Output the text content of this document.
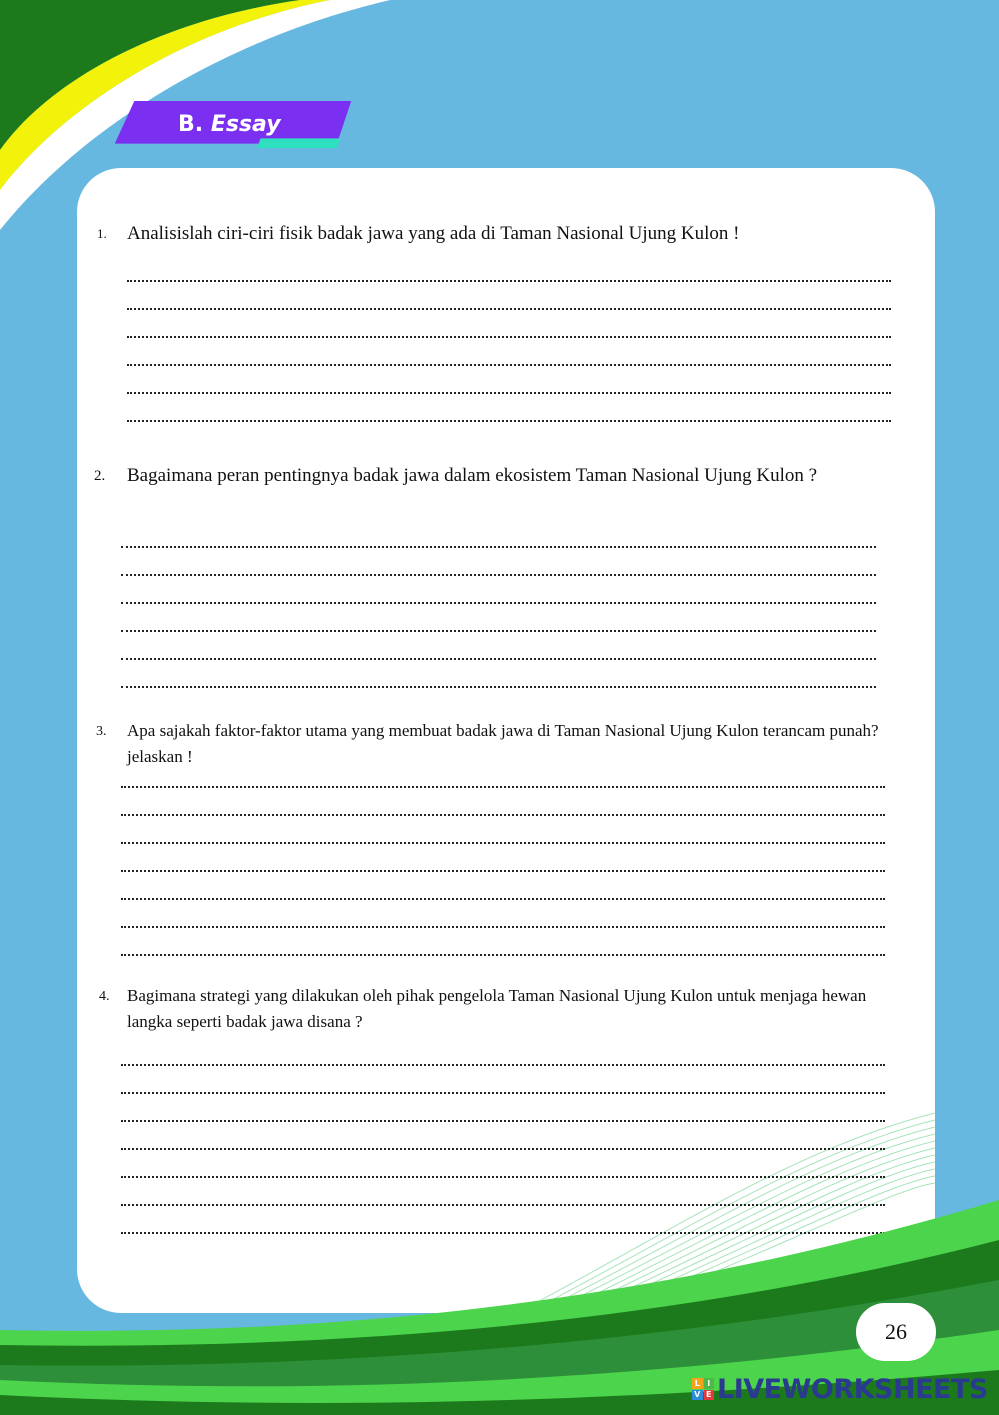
B. Essay
1. Analisislah ciri-ciri fisik badak jawa yang ada di Taman Nasional Ujung Kulon !
2. Bagaimana peran pentingnya badak jawa dalam ekosistem Taman Nasional Ujung Kulon ?
3. Apa sajakah faktor-faktor utama yang membuat badak jawa di Taman Nasional Ujung Kulon terancam punah? jelaskan !
4. Bagimana strategi yang dilakukan oleh pihak pengelola Taman Nasional Ujung Kulon untuk menjaga hewan langka seperti badak jawa disana ?
26
L I
V E LIVEWORKSHEETS
